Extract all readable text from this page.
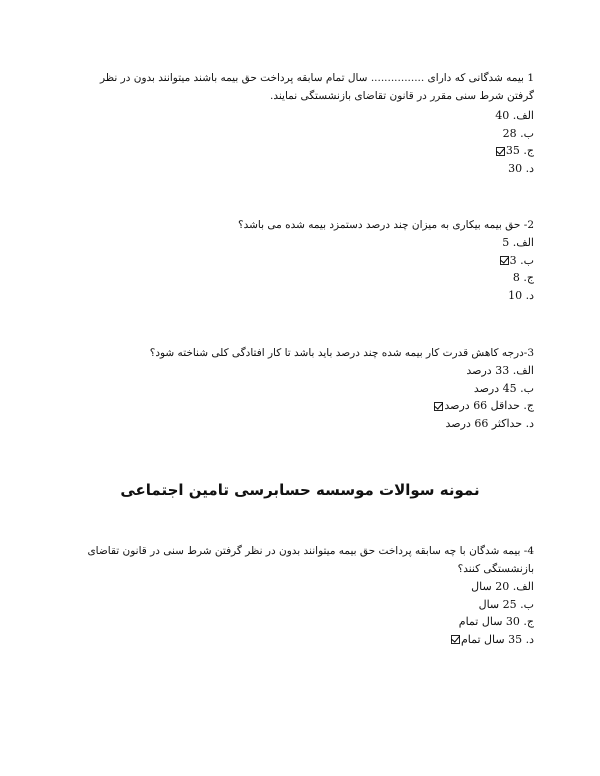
1 بیمه شدگانی که دارای ................ سال تمام سابقه پرداخت حق بیمه باشند میتوانند بدون در نظر گرفتن شرط سنی مقرر در قانون تقاضای بازنشستگی نمایند.
الف. 40
ب. 28
ج. 35
د. 30
2- حق بیمه بیکاری به میزان چند درصد دستمزد بیمه شده می باشد؟
الف. 5
ب. 3
ج. 8
د. 10
3-درجه کاهش قدرت کار بیمه شده چند درصد باید باشد تا کار افتادگی کلی شناخته شود؟
الف. 33 درصد
ب. 45 درصد
ج. حداقل 66 درصد
د. حداکثر 66 درصد
نمونه سوالات موسسه حسابرسی تامین اجتماعی
4- بیمه شدگان با چه سابقه پرداخت حق بیمه میتوانند بدون در نظر گرفتن شرط سنی در قانون تقاضای بازنشستگی کنند؟
الف. 20 سال
ب. 25 سال
ج. 30 سال تمام
د. 35 سال تمام
